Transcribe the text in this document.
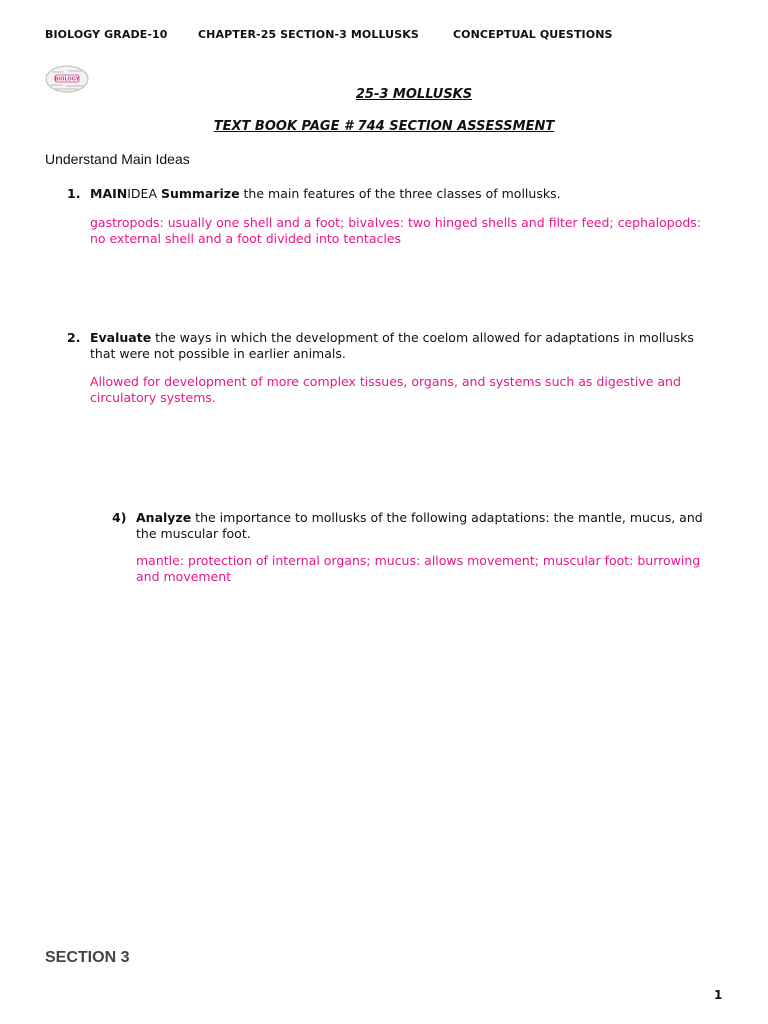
BIOLOGY GRADE-10	CHAPTER-25 SECTION-3 MOLLUSKS	CONCEPTUAL QUESTIONS
BIOLOGY
25-3 MOLLUSKS
TEXT BOOK PAGE # 744 SECTION ASSESSMENT
Understand Main Ideas
1. MAINIDEA Summarize the main features of the three classes of mollusks.
gastropods: usually one shell and a foot; bivalves: two hinged shells and filter feed; cephalopods: no external shell and a foot divided into tentacles
2. Evaluate the ways in which the development of the coelom allowed for adaptations in mollusks that were not possible in earlier animals.
Allowed for development of more complex tissues, organs, and systems such as digestive and circulatory systems.
4) Analyze the importance to mollusks of the following adaptations: the mantle, mucus, and the muscular foot.
mantle: protection of internal organs; mucus: allows movement; muscular foot: burrowing and movement
SECTION 3
1
